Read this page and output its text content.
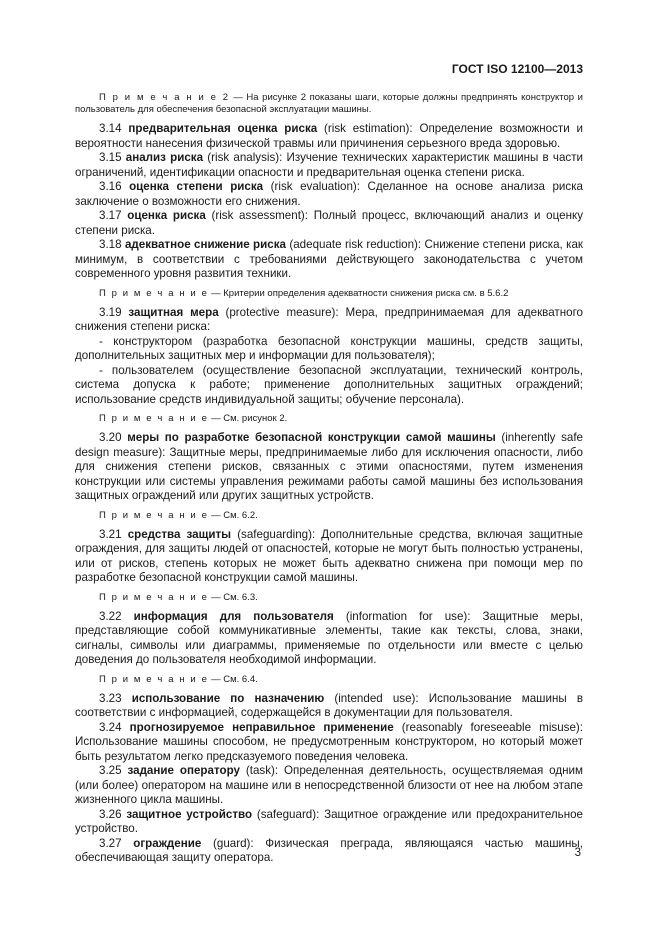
ГОСТ ISO 12100—2013

П р и м е ч а н и е 2 — На рисунке 2 показаны шаги, которые должны предпринять конструктор и пользователь для обеспечения безопасной эксплуатации машины.

3.14 предварительная оценка риска (risk estimation): Определение возможности и вероятности нанесения физической травмы или причинения серьезного вреда здоровью.

3.15 анализ риска (risk analysis): Изучение технических характеристик машины в части ограничений, идентификации опасности и предварительная оценка степени риска.

3.16 оценка степени риска (risk evaluation): Сделанное на основе анализа риска заключение о возможности его снижения.

3.17 оценка риска (risk assessment): Полный процесс, включающий анализ и оценку степени риска.

3.18 адекватное снижение риска (adequate risk reduction): Снижение степени риска, как минимум, в соответствии с требованиями действующего законодательства с учетом современного уровня развития техники.

П р и м е ч а н и е — Критерии определения адекватности снижения риска см. в 5.6.2

3.19 защитная мера (protective measure): Мера, предпринимаемая для адекватного снижения степени риска:

- конструктором (разработка безопасной конструкции машины, средств защиты, дополнительных защитных мер и информации для пользователя);

- пользователем (осуществление безопасной эксплуатации, технический контроль, система допуска к работе; применение дополнительных защитных ограждений; использование средств индивидуальной защиты; обучение персонала).

П р и м е ч а н и е — См. рисунок 2.

3.20 меры по разработке безопасной конструкции самой машины (inherently safe design measure): Защитные меры, предпринимаемые либо для исключения опасности, либо для снижения степени рисков, связанных с этими опасностями, путем изменения конструкции или системы управления режимами работы самой машины без использования защитных ограждений или других защитных устройств.

П р и м е ч а н и е — См. 6.2.

3.21 средства защиты (safeguarding): Дополнительные средства, включая защитные ограждения, для защиты людей от опасностей, которые не могут быть полностью устранены, или от рисков, степень которых не может быть адекватно снижена при помощи мер по разработке безопасной конструкции самой машины.

П р и м е ч а н и е — См. 6.3.

3.22 информация для пользователя (information for use): Защитные меры, представляющие собой коммуникативные элементы, такие как тексты, слова, знаки, сигналы, символы или диаграммы, применяемые по отдельности или вместе с целью доведения до пользователя необходимой информации.

П р и м е ч а н и е — См. 6.4.

3.23 использование по назначению (intended use): Использование машины в соответствии с информацией, содержащейся в документации для пользователя.

3.24 прогнозируемое неправильное применение (reasonably foreseeable misuse): Использование машины способом, не предусмотренным конструктором, но который может быть результатом легко предсказуемого поведения человека.

3.25 задание оператору (task): Определенная деятельность, осуществляемая одним (или более) оператором на машине или в непосредственной близости от нее на любом этапе жизненного цикла машины.

3.26 защитное устройство (safeguard): Защитное ограждение или предохранительное устройство.

3.27 ограждение (guard): Физическая преграда, являющаяся частью машины, обеспечивающая защиту оператора.	3
